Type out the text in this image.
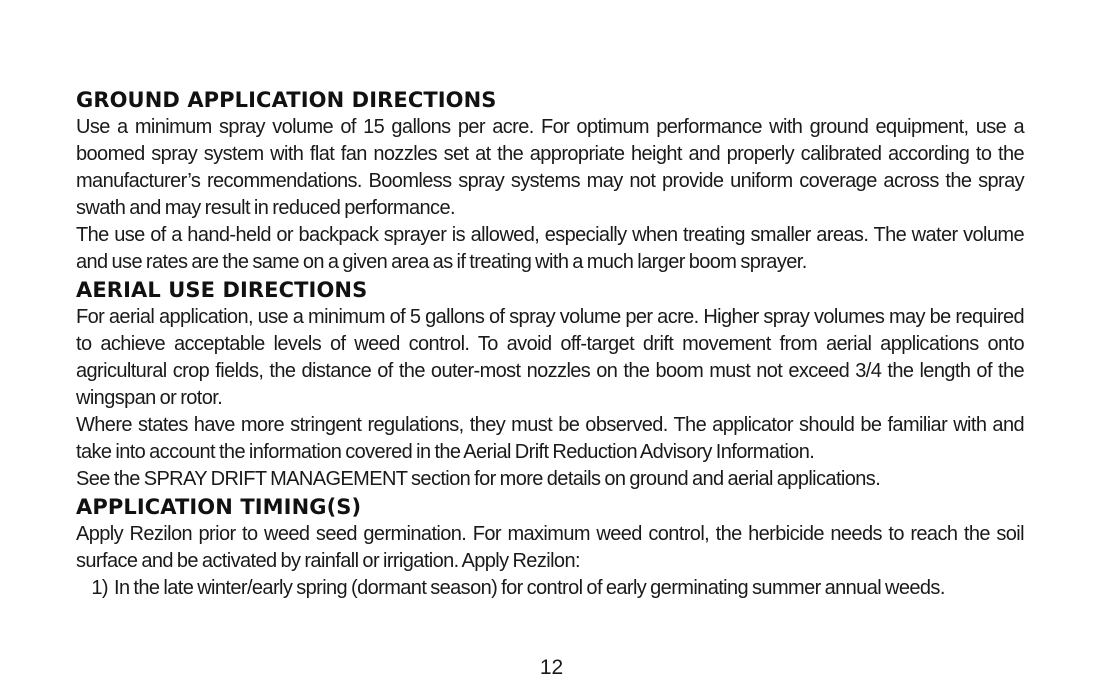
GROUND APPLICATION DIRECTIONS

Use a minimum spray volume of 15 gallons per acre. For optimum performance with ground equipment, use a boomed spray system with flat fan nozzles set at the appropriate height and properly calibrated according to the manufacturer’s recommendations. Boomless spray systems may not provide uniform coverage across the spray swath and may result in reduced performance.

The use of a hand-held or backpack sprayer is allowed, especially when treating smaller areas. The water volume and use rates are the same on a given area as if treating with a much larger boom sprayer.

AERIAL USE DIRECTIONS

For aerial application, use a minimum of 5 gallons of spray volume per acre. Higher spray volumes may be required to achieve acceptable levels of weed control. To avoid off-target drift movement from aerial applications onto agricultural crop fields, the distance of the outer-most nozzles on the boom must not exceed 3/4 the length of the wingspan or rotor.

Where states have more stringent regulations, they must be observed. The applicator should be familiar with and take into account the information covered in the Aerial Drift Reduction Advisory Information.

See the SPRAY DRIFT MANAGEMENT section for more details on ground and aerial applications.

APPLICATION TIMING(S)

Apply Rezilon prior to weed seed germination. For maximum weed control, the herbicide needs to reach the soil surface and be activated by rainfall or irrigation. Apply Rezilon:

1) In the late winter/early spring (dormant season) for control of early germinating summer annual weeds.
12
